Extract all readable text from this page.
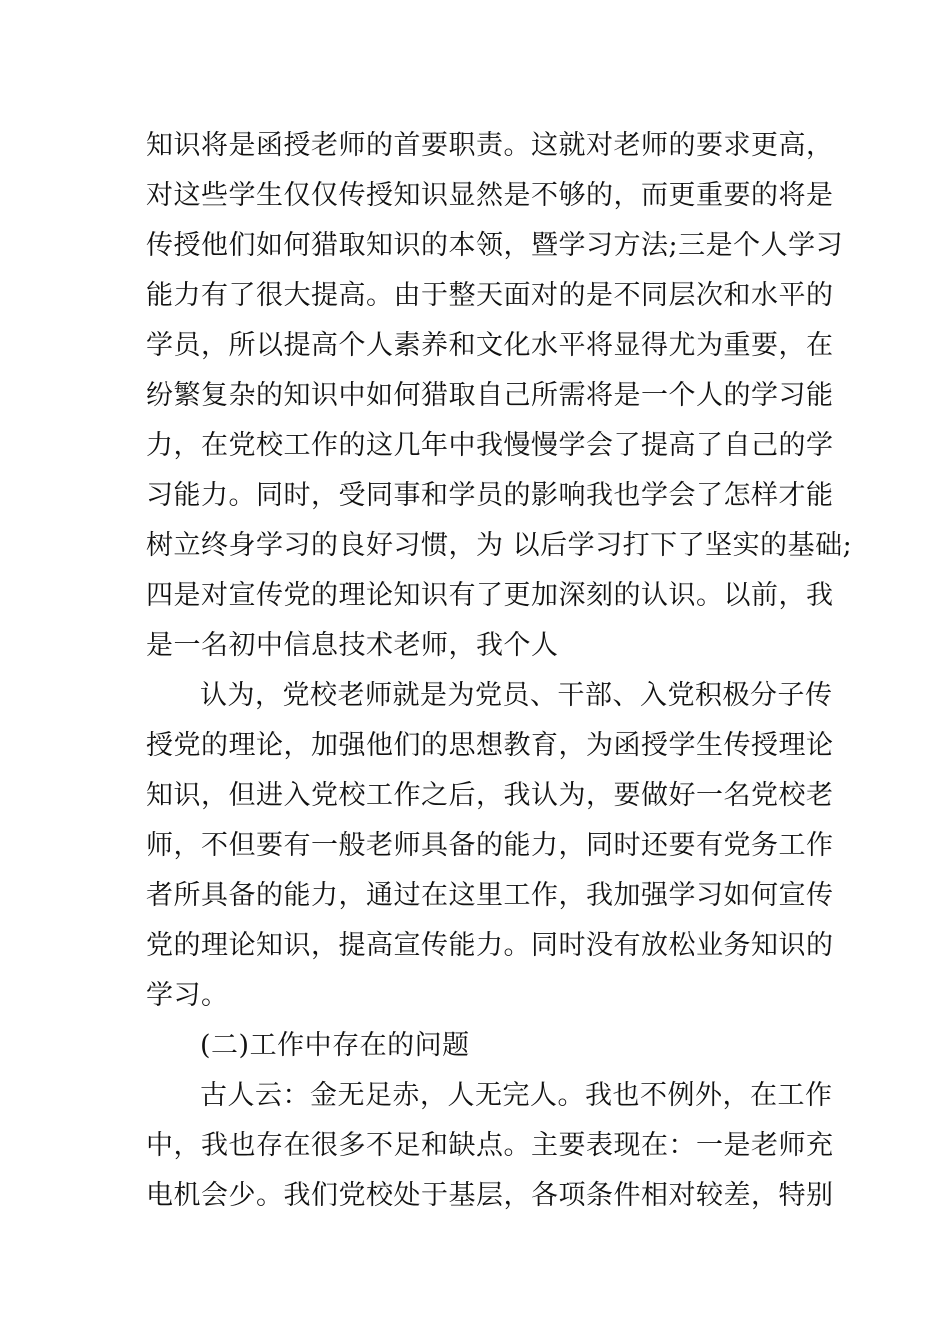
知识将是函授老师的首要职责。这就对老师的要求更高，
对这些学生仅仅传授知识显然是不够的，而更重要的将是
传授他们如何猎取知识的本领，暨学习方法;三是个人学习
能力有了很大提高。由于整天面对的是不同层次和水平的
学员，所以提高个人素养和文化水平将显得尤为重要，在
纷繁复杂的知识中如何猎取自己所需将是一个人的学习能
力，在党校工作的这几年中我慢慢学会了提高了自己的学
习能力。同时，受同事和学员的影响我也学会了怎样才能
树立终身学习的良好习惯，为 以后学习打下了坚实的基础;
四是对宣传党的理论知识有了更加深刻的认识。以前，我
是一名初中信息技术老师，我个人
认为，党校老师就是为党员、干部、入党积极分子传
授党的理论，加强他们的思想教育，为函授学生传授理论
知识，但进入党校工作之后，我认为，要做好一名党校老
师，不但要有一般老师具备的能力，同时还要有党务工作
者所具备的能力，通过在这里工作，我加强学习如何宣传
党的理论知识，提高宣传能力。同时没有放松业务知识的
学习。
(二)工作中存在的问题
古人云：金无足赤，人无完人。我也不例外，在工作
中，我也存在很多不足和缺点。主要表现在：一是老师充
电机会少。我们党校处于基层，各项条件相对较差，特别
